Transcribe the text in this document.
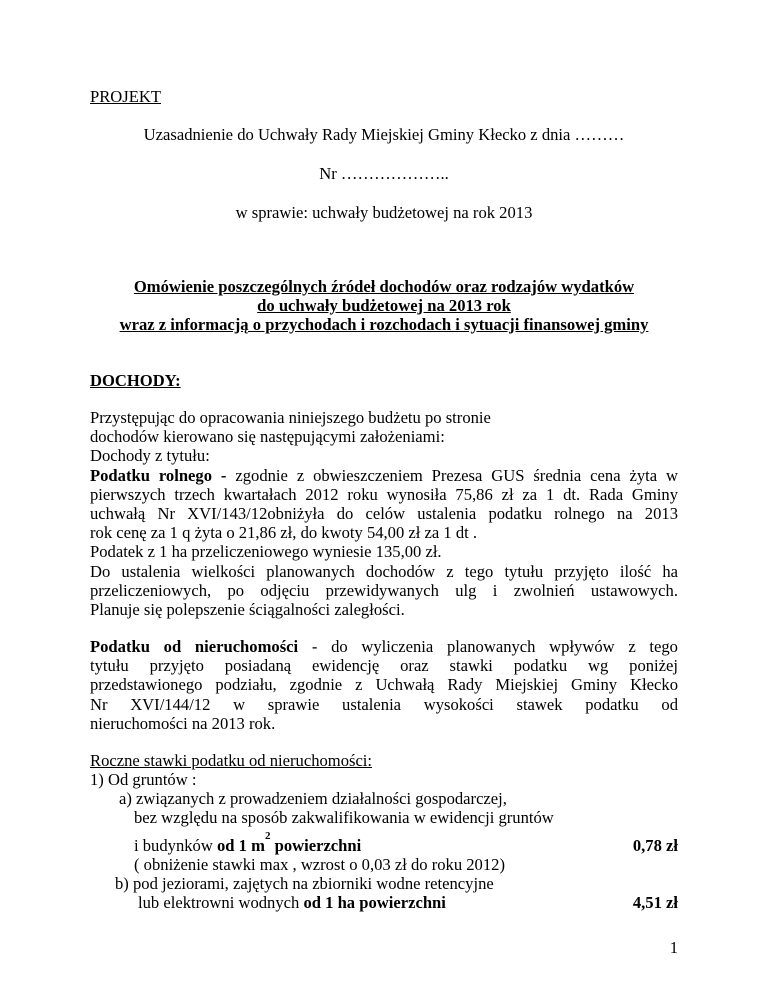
PROJEKT
Uzasadnienie do Uchwały Rady Miejskiej Gminy Kłecko z dnia ………
Nr ………………..
w sprawie: uchwały budżetowej na rok 2013
Omówienie poszczególnych źródeł dochodów oraz rodzajów wydatków
do uchwały budżetowej na 2013 rok
wraz z informacją o przychodach i rozchodach i sytuacji finansowej gminy
DOCHODY:
Przystępując do opracowania niniejszego budżetu po stronie
dochodów kierowano się następującymi założeniami:
Dochody z tytułu:
Podatku rolnego - zgodnie z obwieszczeniem Prezesa GUS średnia cena żyta w
pierwszych trzech kwartałach 2012 roku wynosiła 75,86 zł za 1 dt. Rada Gminy
uchwałą Nr XVI/143/12obniżyła do celów ustalenia podatku rolnego na 2013
rok cenę za 1 q żyta o 21,86 zł, do kwoty 54,00 zł za 1 dt .
Podatek z 1 ha przeliczeniowego wyniesie 135,00 zł.
Do ustalenia wielkości planowanych dochodów z tego tytułu przyjęto ilość ha
przeliczeniowych, po odjęciu przewidywanych ulg i zwolnień ustawowych.
Planuje się polepszenie ściągalności zaległości.
Podatku od nieruchomości - do wyliczenia planowanych wpływów z tego
tytułu przyjęto posiadaną ewidencję oraz stawki podatku wg poniżej
przedstawionego podziału, zgodnie z Uchwałą Rady Miejskiej Gminy Kłecko
Nr XVI/144/12 w sprawie ustalenia wysokości stawek podatku od
nieruchomości na 2013 rok.
Roczne stawki podatku od nieruchomości:
1) Od gruntów :
a) związanych z prowadzeniem działalności gospodarczej,
bez względu na sposób zakwalifikowania w ewidencji gruntów
i budynków od 1 $m^2$ powierzchni	0,78 zł
( obniżenie stawki max , wzrost o 0,03 zł do roku 2012)
b) pod jeziorami, zajętych na zbiorniki wodne retencyjne
lub elektrowni wodnych od 1 ha powierzchni	4,51 zł
1
